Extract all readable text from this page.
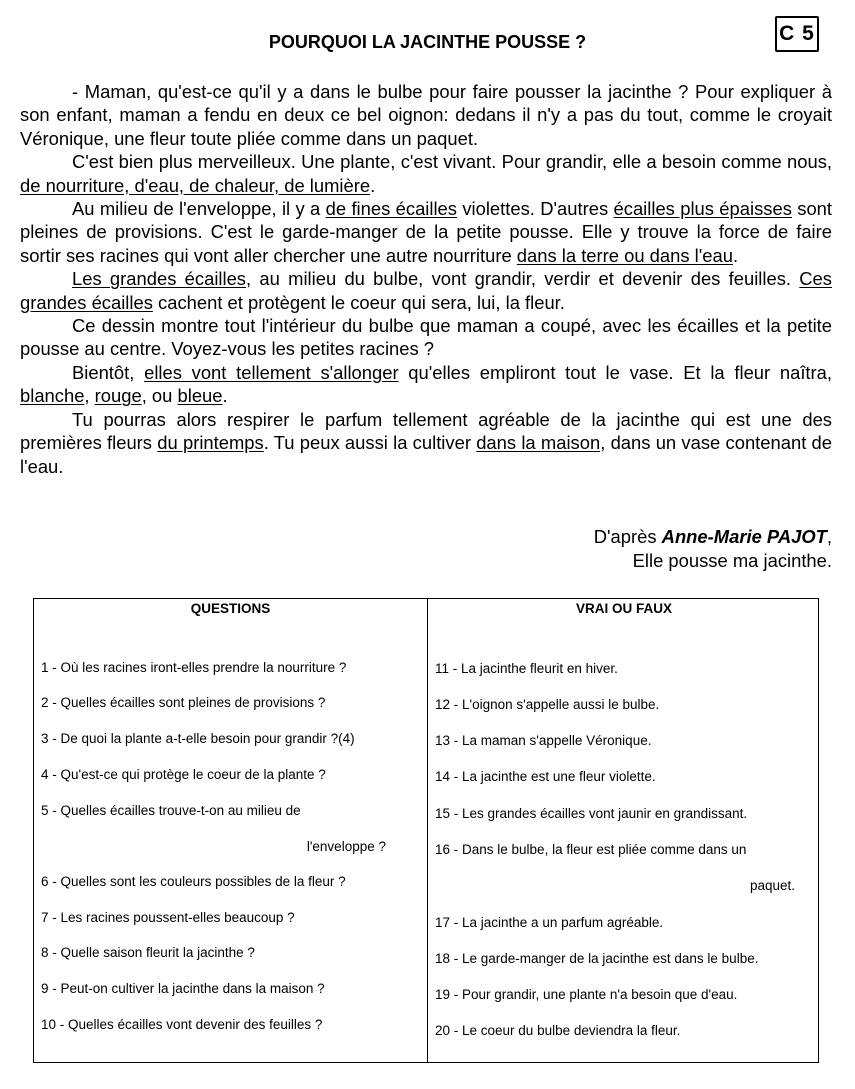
C 5
POURQUOI LA JACINTHE POUSSE ?

- Maman, qu'est-ce qu'il y a dans le bulbe pour faire pousser la jacinthe ? Pour expliquer à son enfant, maman a fendu en deux ce bel oignon: dedans il n'y a pas du tout, comme le croyait Véronique, une fleur toute pliée comme dans un paquet.

C'est bien plus merveilleux. Une plante, c'est vivant. Pour grandir, elle a besoin comme nous, de nourriture, d'eau, de chaleur, de lumière.

Au milieu de l'enveloppe, il y a de fines écailles violettes. D'autres écailles plus épaisses sont pleines de provisions. C'est le garde-manger de la petite pousse. Elle y trouve la force de faire sortir ses racines qui vont aller chercher une autre nourriture dans la terre ou dans l'eau.

Les grandes écailles, au milieu du bulbe, vont grandir, verdir et devenir des feuilles. Ces grandes écailles cachent et protègent le coeur qui sera, lui, la fleur.

Ce dessin montre tout l'intérieur du bulbe que maman a coupé, avec les écailles et la petite pousse au centre. Voyez-vous les petites racines ?

Bientôt, elles vont tellement s'allonger qu'elles empliront tout le vase. Et la fleur naîtra, blanche, rouge, ou bleue.

Tu pourras alors respirer le parfum tellement agréable de la jacinthe qui est une des premières fleurs du printemps. Tu peux aussi la cultiver dans la maison, dans un vase contenant de l'eau.

D'après Anne-Marie PAJOT,
Elle pousse ma jacinthe.
QUESTIONS
1 - Où les racines iront-elles prendre la nourriture ?
2 - Quelles écailles sont pleines de provisions ?
3 - De quoi la plante a-t-elle besoin pour grandir ?(4)
4 - Qu'est-ce qui protège le coeur de la plante ?
5 - Quelles écailles trouve-t-on au milieu de
l'enveloppe ?
6 - Quelles sont les couleurs possibles de la fleur ?
7 - Les racines poussent-elles beaucoup ?
8 - Quelle saison fleurit la jacinthe ?
9 - Peut-on cultiver la jacinthe dans la maison ?
10 - Quelles écailles vont devenir des feuilles ?
VRAI OU FAUX
11 - La jacinthe fleurit en hiver.
12 - L'oignon s'appelle aussi le bulbe.
13 - La maman s'appelle Véronique.
14 - La jacinthe est une fleur violette.
15 - Les grandes écailles vont jaunir en grandissant.
16 - Dans le bulbe, la fleur est pliée comme dans un
paquet.
17 - La jacinthe a un parfum agréable.
18 - Le garde-manger de la jacinthe est dans le bulbe.
19 - Pour grandir, une plante n'a besoin que d'eau.
20 - Le coeur du bulbe deviendra la fleur.
